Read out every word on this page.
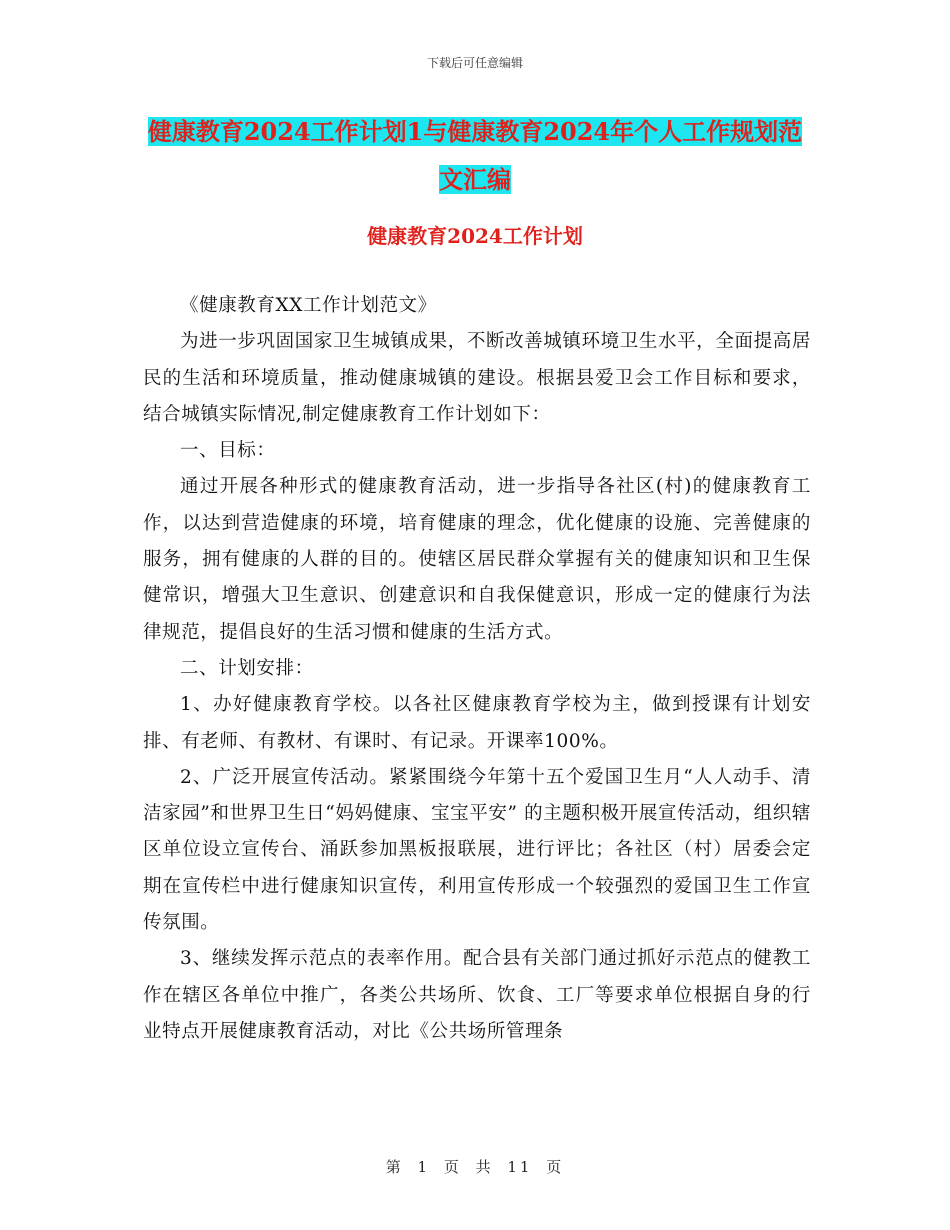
下载后可任意编辑
健康教育2024工作计划1与健康教育2024年个人工作规划范文汇编
健康教育2024工作计划

《健康教育XX工作计划范文》

为进一步巩固国家卫生城镇成果，不断改善城镇环境卫生水平，全面提高居民的生活和环境质量，推动健康城镇的建设。根据县爱卫会工作目标和要求，结合城镇实际情况,制定健康教育工作计划如下：

一、目标：

通过开展各种形式的健康教育活动，进一步指导各社区(村)的健康教育工作，以达到营造健康的环境，培育健康的理念，优化健康的设施、完善健康的服务，拥有健康的人群的目的。使辖区居民群众掌握有关的健康知识和卫生保健常识，增强大卫生意识、创建意识和自我保健意识，形成一定的健康行为法律规范，提倡良好的生活习惯和健康的生活方式。

二、计划安排：

1、办好健康教育学校。以各社区健康教育学校为主，做到授课有计划安排、有老师、有教材、有课时、有记录。开课率100%。

2、广泛开展宣传活动。紧紧围绕今年第十五个爱国卫生月“人人动手、清洁家园”和世界卫生日“妈妈健康、宝宝平安” 的主题积极开展宣传活动，组织辖区单位设立宣传台、涌跃参加黑板报联展，进行评比；各社区（村）居委会定期在宣传栏中进行健康知识宣传，利用宣传形成一个较强烈的爱国卫生工作宣传氛围。

3、继续发挥示范点的表率作用。配合县有关部门通过抓好示范点的健教工作在辖区各单位中推广，各类公共场所、饮食、工厂等要求单位根据自身的行业特点开展健康教育活动，对比《公共场所管理条

第 1 页 共 11 页
